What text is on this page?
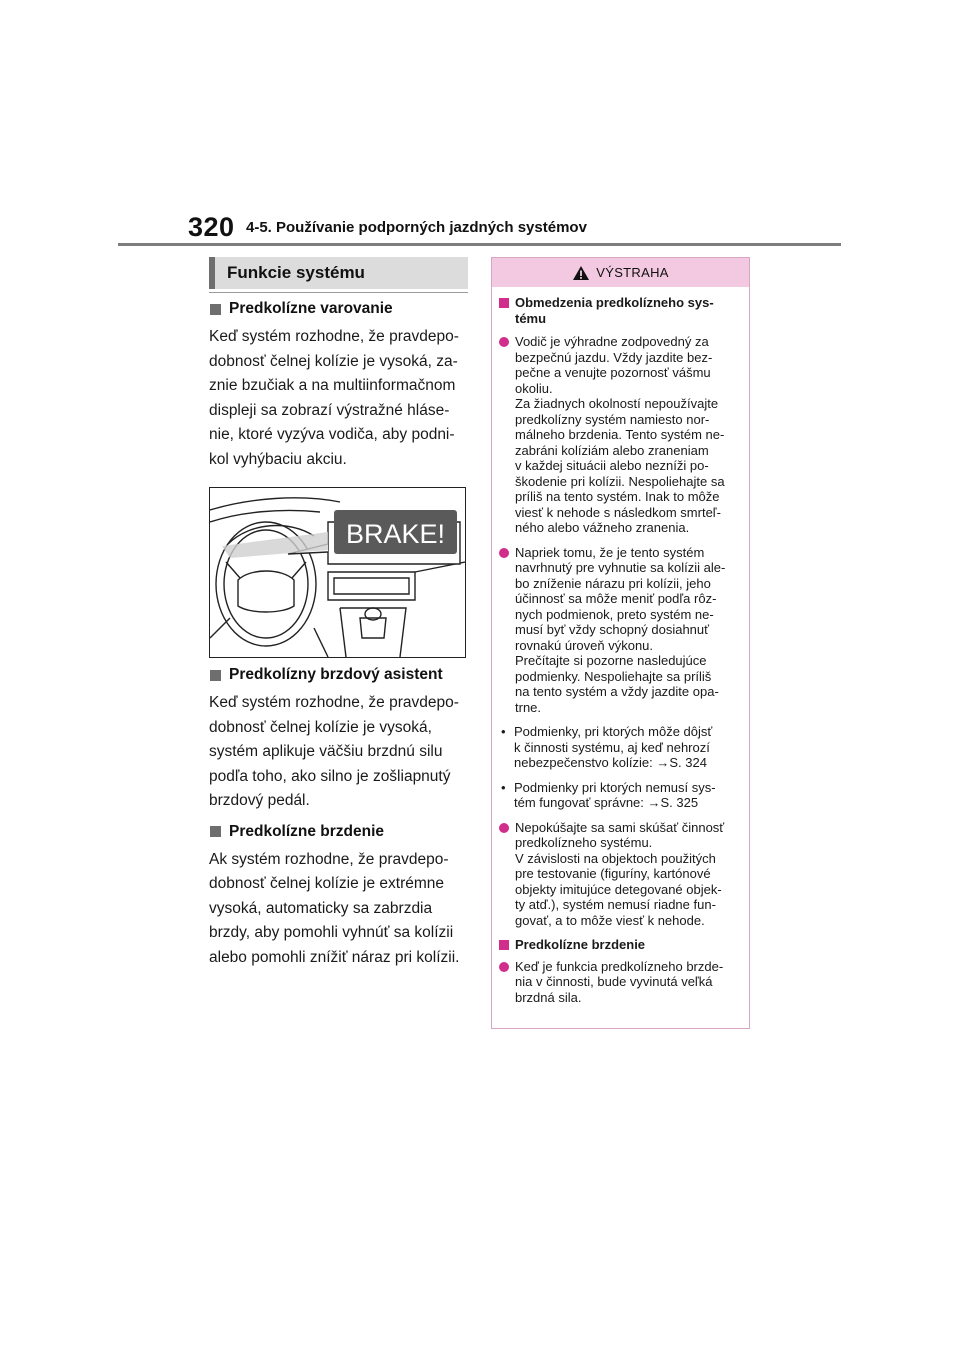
320 4-5. Používanie podporných jazdných systémov
Funkcie systému
Predkolízne varovanie
Keď systém rozhodne, že pravdepo-
dobnosť čelnej kolízie je vysoká, za-
znie bzučiak a na multiinformačnom
displeji sa zobrazí výstražné hláse-
nie, ktoré vyzýva vodiča, aby podni-
kol vyhýbaciu akciu.
BRAKE!
Predkolízny brzdový asistent
Keď systém rozhodne, že pravdepo-
dobnosť čelnej kolízie je vysoká,
systém aplikuje väčšiu brzdnú silu
podľa toho, ako silno je zošliapnutý
brzdový pedál.
Predkolízne brzdenie
Ak systém rozhodne, že pravdepo-
dobnosť čelnej kolízie je extrémne
vysoká, automaticky sa zabrzdia
brzdy, aby pomohli vyhnúť sa kolízii
alebo pomohli znížiť náraz pri kolízii.
VÝSTRAHA
Obmedzenia predkolízneho sys-
tému
Vodič je výhradne zodpovedný za
bezpečnú jazdu. Vždy jazdite bez-
pečne a venujte pozornosť vášmu
okoliu.
Za žiadnych okolností nepoužívajte
predkolízny systém namiesto nor-
málneho brzdenia. Tento systém ne-
zabráni kolíziám alebo zraneniam
v každej situácii alebo nezníži po-
škodenie pri kolízii. Nespoliehajte sa
príliš na tento systém. Inak to môže
viesť k nehode s následkom smrteľ-
ného alebo vážneho zranenia.
Napriek tomu, že je tento systém
navrhnutý pre vyhnutie sa kolízii ale-
bo zníženie nárazu pri kolízii, jeho
účinnosť sa môže meniť podľa rôz-
nych podmienok, preto systém ne-
musí byť vždy schopný dosiahnuť
rovnakú úroveň výkonu.
Prečítajte si pozorne nasledujúce
podmienky. Nespoliehajte sa príliš
na tento systém a vždy jazdite opa-
trne.
• Podmienky, pri ktorých môže dôjsť
k činnosti systému, aj keď nehrozí
nebezpečenstvo kolízie: →S. 324
• Podmienky pri ktorých nemusí sys-
tém fungovať správne: →S. 325
Nepokúšajte sa sami skúšať činnosť
predkolízneho systému.
V závislosti na objektoch použitých
pre testovanie (figuríny, kartónové
objekty imitujúce detegované objek-
ty atď.), systém nemusí riadne fun-
govať, a to môže viesť k nehode.
Predkolízne brzdenie
Keď je funkcia predkolízneho brzde-
nia v činnosti, bude vyvinutá veľká
brzdná sila.
